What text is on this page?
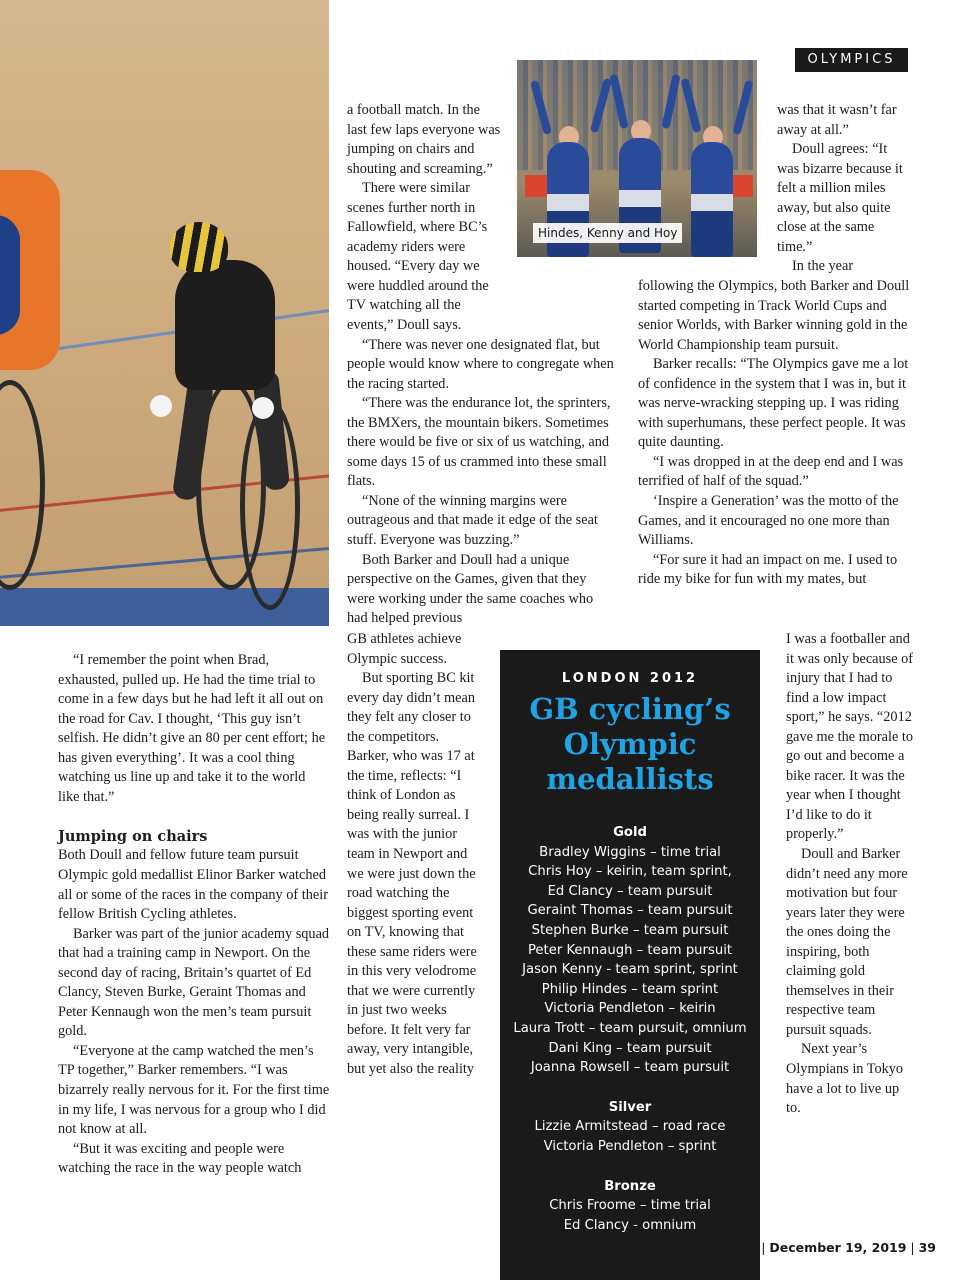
OLYMPICS
Hindes, Kenny and Hoy

“I remember the point when Brad, exhausted, pulled up. He had the time trial to come in a few days but he had left it all out on the road for Cav. I thought, ‘This guy isn’t selfish. He didn’t give an 80 per cent effort; he has given everything’. It was a cool thing watching us line up and take it to the world like that.”

Jumping on chairs

Both Doull and fellow future team pursuit Olympic gold medallist Elinor Barker watched all or some of the races in the company of their fellow British Cycling athletes.

Barker was part of the junior academy squad that had a training camp in Newport. On the second day of racing, Britain’s quartet of Ed Clancy, Steven Burke, Geraint Thomas and Peter Kennaugh won the men’s team pursuit gold.

“Everyone at the camp watched the men’s TP together,” Barker remembers. “I was bizarrely really nervous for it. For the first time in my life, I was nervous for a group who I did not know at all.

“But it was exciting and people were watching the race in the way people watch

a football match. In the last few laps everyone was jumping on chairs and shouting and screaming.”

There were similar scenes further north in Fallowfield, where BC’s academy riders were housed. “Every day we were huddled around the TV watching all the events,” Doull says.

“There was never one designated flat, but people would know where to congregate when the racing started.

“There was the endurance lot, the sprinters, the BMXers, the mountain bikers. Sometimes there would be five or six of us watching, and some days 15 of us crammed into these small flats.

“None of the winning margins were outrageous and that made it edge of the seat stuff. Everyone was buzzing.”

Both Barker and Doull had a unique perspective on the Games, given that they were working under the same coaches who had helped previous

GB athletes achieve Olympic success.

But sporting BC kit every day didn’t mean they felt any closer to the competitors. Barker, who was 17 at the time, reflects: “I think of London as being really surreal. I was with the junior team in Newport and we were just down the road watching the biggest sporting event on TV, knowing that these same riders were in this very velodrome that we were currently in just two weeks before. It felt very far away, very intangible, but yet also the reality

was that it wasn’t far away at all.”

Doull agrees: “It was bizarre because it felt a million miles away, but also quite close at the same time.”

In the year

following the Olympics, both Barker and Doull started competing in Track World Cups and senior Worlds, with Barker winning gold in the World Championship team pursuit.

Barker recalls: “The Olympics gave me a lot of confidence in the system that I was in, but it was nerve-wracking stepping up. I was riding with superhumans, these perfect people. It was quite daunting.

“I was dropped in at the deep end and I was terrified of half of the squad.”

‘Inspire a Generation’ was the motto of the Games, and it encouraged no one more than Williams.

“For sure it had an impact on me. I used to ride my bike for fun with my mates, but

I was a footballer and it was only because of injury that I had to find a low impact sport,” he says. “2012 gave me the morale to go out and become a bike racer. It was the year when I thought I’d like to do it properly.”

Doull and Barker didn’t need any more motivation but four years later they were the ones doing the inspiring, both claiming gold themselves in their respective team pursuit squads.

Next year’s Olympians in Tokyo have a lot to live up to.

LONDON 2012
GB cycling’s Olympic medallists
Gold
Bradley Wiggins – time trial
Chris Hoy – keirin, team sprint,
Ed Clancy – team pursuit
Geraint Thomas – team pursuit
Stephen Burke – team pursuit
Peter Kennaugh – team pursuit
Jason Kenny - team sprint, sprint
Philip Hindes – team sprint
Victoria Pendleton – keirin
Laura Trott – team pursuit, omnium
Dani King – team pursuit
Joanna Rowsell – team pursuit
Silver
Lizzie Armitstead – road race
Victoria Pendleton – sprint
Bronze
Chris Froome – time trial
Ed Clancy - omnium
ekly | December 19, 2019 | 39
